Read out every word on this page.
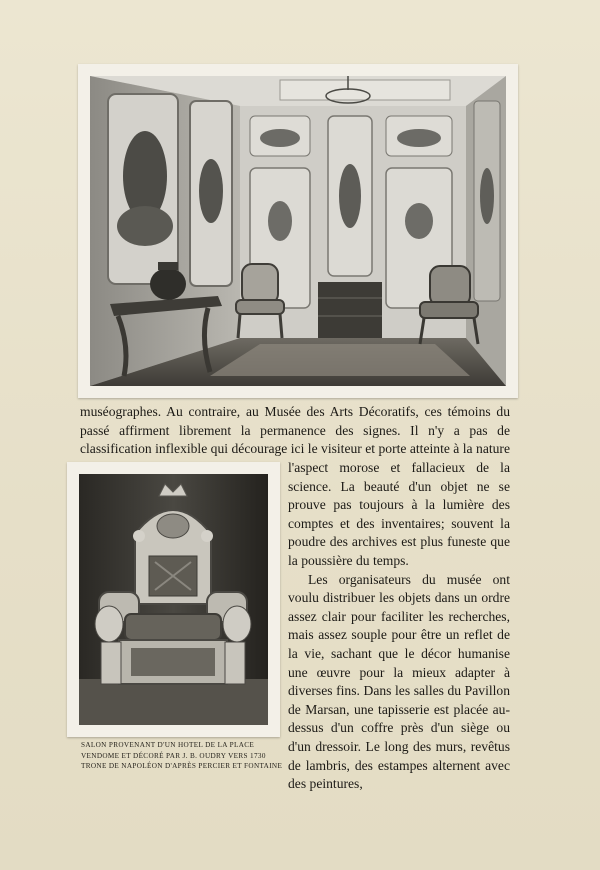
muséographes. Au contraire, au Musée des Arts Décoratifs, ces témoins du passé affirment librement la permanence des signes. Il n'y a pas de classification inflexible qui décourage ici le visiteur et porte atteinte à la nature

l'aspect morose et fallacieux de la science. La beauté d'un objet ne se prouve pas toujours à la lumière des comptes et des inventaires; souvent la poudre des archives est plus funeste que la poussière du temps.

Les organisateurs du musée ont voulu distribuer les objets dans un ordre assez clair pour faciliter les recherches, mais assez souple pour être un reflet de la vie, sachant que le décor humanise une œuvre pour la mieux adapter à diverses fins. Dans les salles du Pavillon de Marsan, une tapisserie est placée au-dessus d'un coffre près d'un siège ou d'un dressoir. Le long des murs, revêtus de lambris, des estampes alternent avec des peintures,

SALON PROVENANT D'UN HOTEL DE LA PLACE
VENDOME ET DÉCORÉ PAR J. B. OUDRY VERS 1730
TRONE DE NAPOLÉON D'APRÈS PERCIER ET FONTAINE
